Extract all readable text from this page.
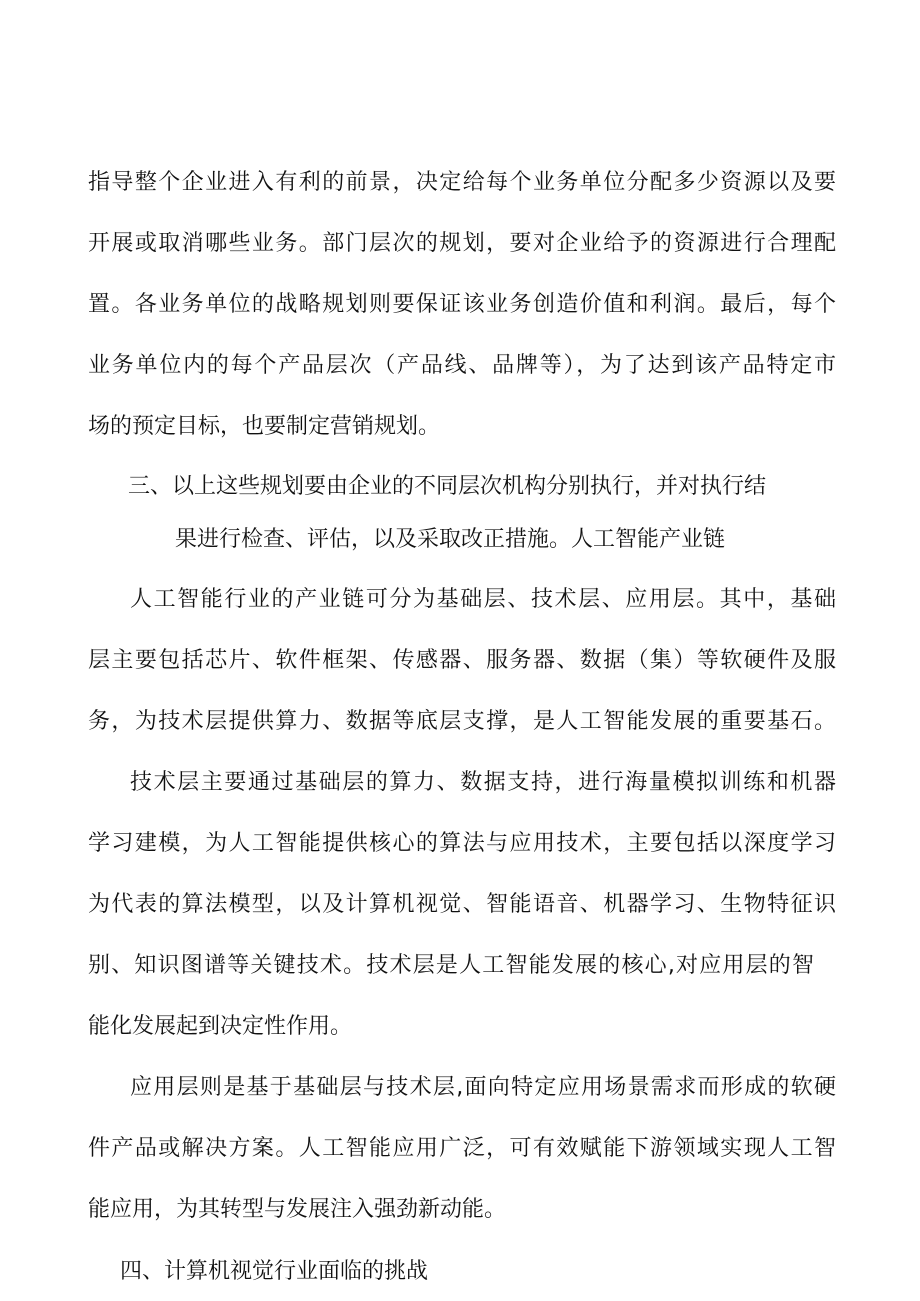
指导整个企业进入有利的前景，决定给每个业务单位分配多少资源以及要
开展或取消哪些业务。部门层次的规划，要对企业给予的资源进行合理配
置。各业务单位的战略规划则要保证该业务创造价值和利润。最后，每个
业务单位内的每个产品层次（产品线、品牌等），为了达到该产品特定市
场的预定目标，也要制定营销规划。
三、以上这些规划要由企业的不同层次机构分别执行，并对执行结
果进行检查、评估，以及采取改正措施。人工智能产业链
人工智能行业的产业链可分为基础层、技术层、应用层。其中，基础
层主要包括芯片、软件框架、传感器、服务器、数据（集）等软硬件及服
务，为技术层提供算力、数据等底层支撑，是人工智能发展的重要基石。
技术层主要通过基础层的算力、数据支持，进行海量模拟训练和机器
学习建模，为人工智能提供核心的算法与应用技术，主要包括以深度学习
为代表的算法模型，以及计算机视觉、智能语音、机器学习、生物特征识
别、知识图谱等关键技术。技术层是人工智能发展的核心,对应用层的智
能化发展起到决定性作用。
应用层则是基于基础层与技术层,面向特定应用场景需求而形成的软硬
件产品或解决方案。人工智能应用广泛，可有效赋能下游领域实现人工智
能应用，为其转型与发展注入强劲新动能。
四、计算机视觉行业面临的挑战
